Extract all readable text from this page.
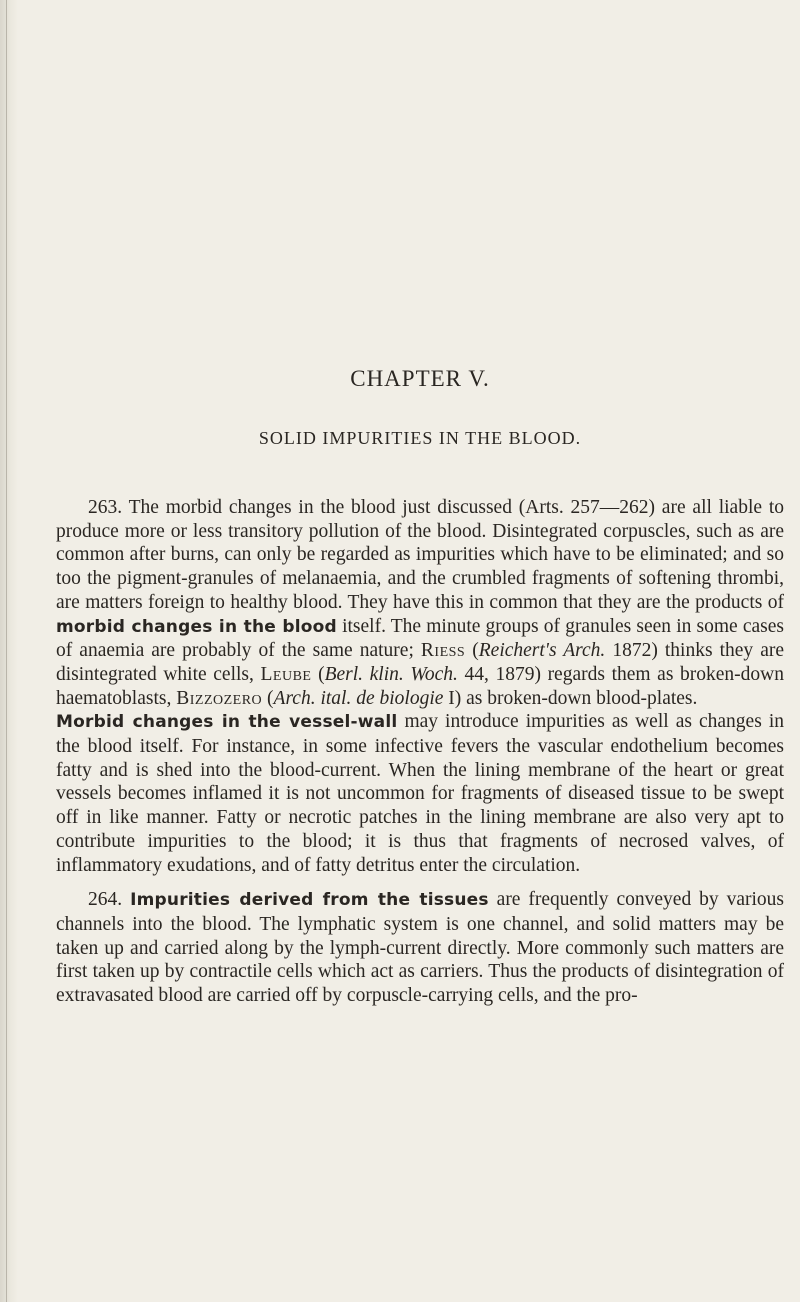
CHAPTER V.
SOLID IMPURITIES IN THE BLOOD.

263. The morbid changes in the blood just discussed (Arts. 257—262) are all liable to produce more or less transitory pollution of the blood. Disintegrated corpuscles, such as are common after burns, can only be regarded as impurities which have to be eliminated; and so too the pigment-granules of melanaemia, and the crumbled fragments of softening thrombi, are matters foreign to healthy blood. They have this in common that they are the products of morbid changes in the blood itself. The minute groups of granules seen in some cases of anaemia are probably of the same nature; Riess (Reichert's Arch. 1872) thinks they are disintegrated white cells, Leube (Berl. klin. Woch. 44, 1879) regards them as broken-down haematoblasts, Bizzozero (Arch. ital. de biologie I) as broken-down blood-plates.

Morbid changes in the vessel-wall may introduce impurities as well as changes in the blood itself. For instance, in some infective fevers the vascular endothelium becomes fatty and is shed into the blood-current. When the lining membrane of the heart or great vessels becomes inflamed it is not uncommon for fragments of diseased tissue to be swept off in like manner. Fatty or necrotic patches in the lining membrane are also very apt to contribute impurities to the blood; it is thus that fragments of necrosed valves, of inflammatory exudations, and of fatty detritus enter the circulation.

264. Impurities derived from the tissues are frequently conveyed by various channels into the blood. The lymphatic system is one channel, and solid matters may be taken up and carried along by the lymph-current directly. More commonly such matters are first taken up by contractile cells which act as carriers. Thus the products of disintegration of extravasated blood are carried off by corpuscle-carrying cells, and the pro-
